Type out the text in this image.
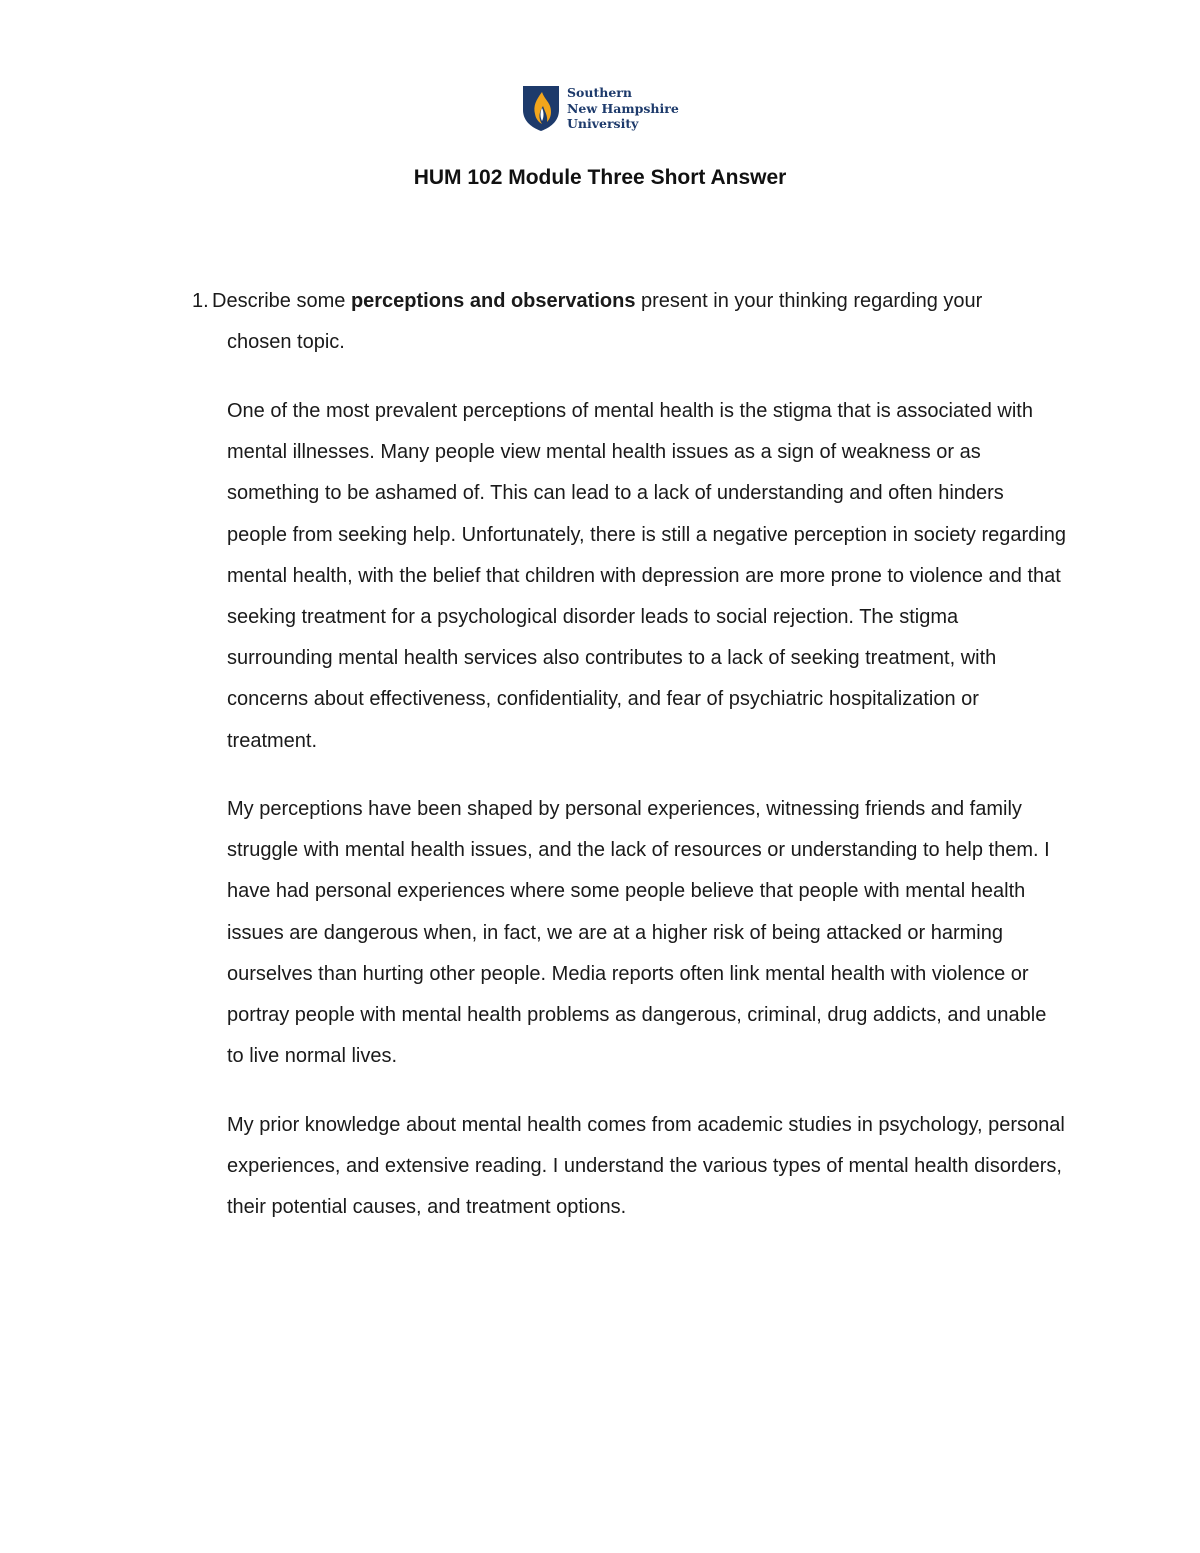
Southern
New Hampshire
University
HUM 102 Module Three Short Answer
1. Describe some perceptions and observations present in your thinking regarding your chosen topic.

One of the most prevalent perceptions of mental health is the stigma that is associated with mental illnesses. Many people view mental health issues as a sign of weakness or as something to be ashamed of. This can lead to a lack of understanding and often hinders people from seeking help. Unfortunately, there is still a negative perception in society regarding mental health, with the belief that children with depression are more prone to violence and that seeking treatment for a psychological disorder leads to social rejection. The stigma surrounding mental health services also contributes to a lack of seeking treatment, with concerns about effectiveness, confidentiality, and fear of psychiatric hospitalization or treatment.

My perceptions have been shaped by personal experiences, witnessing friends and family struggle with mental health issues, and the lack of resources or understanding to help them. I have had personal experiences where some people believe that people with mental health issues are dangerous when, in fact, we are at a higher risk of being attacked or harming ourselves than hurting other people. Media reports often link mental health with violence or portray people with mental health problems as dangerous, criminal, drug addicts, and unable to live normal lives.

My prior knowledge about mental health comes from academic studies in psychology, personal experiences, and extensive reading. I understand the various types of mental health disorders, their potential causes, and treatment options.
